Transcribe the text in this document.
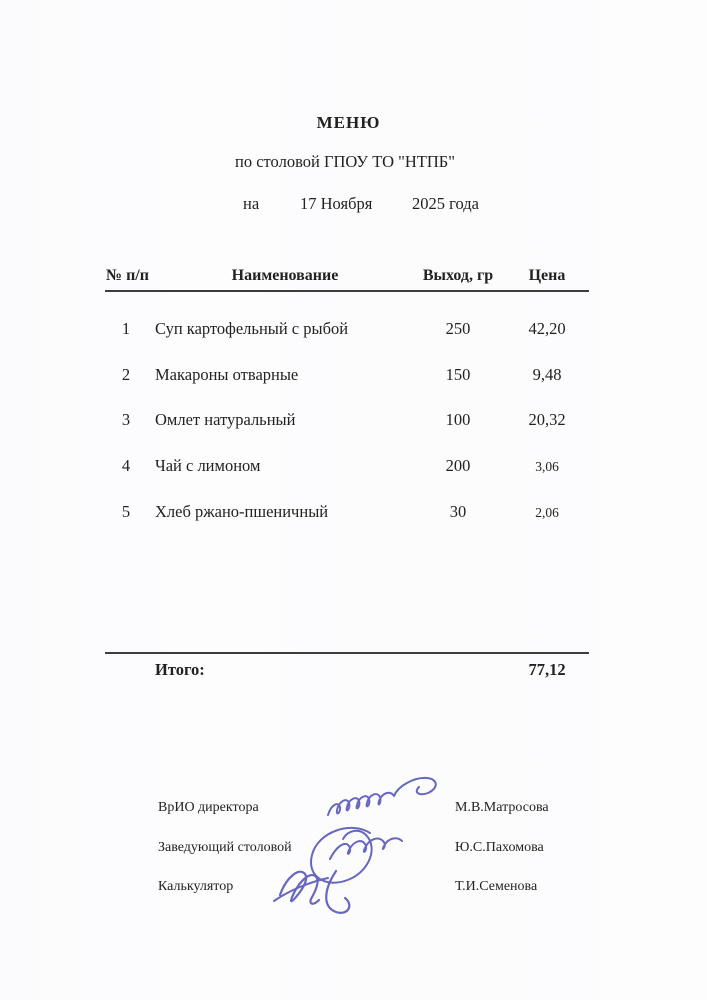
МЕНЮ
по столовой ГПОУ ТО "НТПБ"
на 17 Ноября 2025 года
№ п/п	Наименование	Выход, гр	Цена
1	Суп картофельный с рыбой	250	42,20
2	Макароны отварные	150	9,48
3	Омлет натуральный	100	20,32
4	Чай с лимоном	200	3,06
5	Хлеб ржано-пшеничный	30	2,06
Итого:	77,12
ВрИО директора	М.В.Матросова
Заведующий столовой	Ю.С.Пахомова
Калькулятор	Т.И.Семенова
